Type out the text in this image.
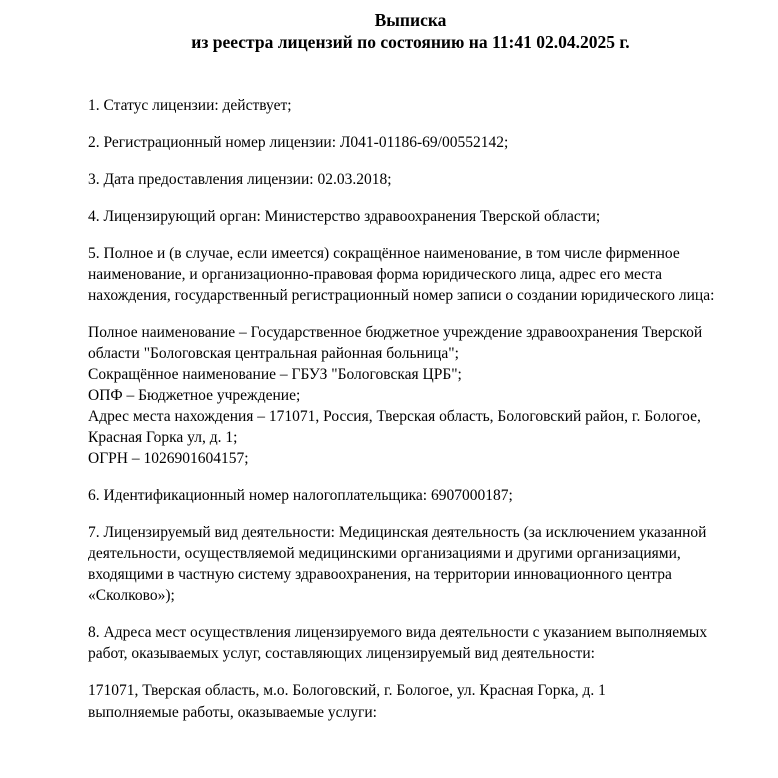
Выписка
из реестра лицензий по состоянию на 11:41 02.04.2025 г.

1. Статус лицензии: действует;

2. Регистрационный номер лицензии: Л041-01186-69/00552142;

3. Дата предоставления лицензии: 02.03.2018;

4. Лицензирующий орган: Министерство здравоохранения Тверской области;

5. Полное и (в случае, если имеется) сокращённое наименование, в том числе фирменное наименование, и организационно-правовая форма юридического лица, адрес его места нахождения, государственный регистрационный номер записи о создании юридического лица:

Полное наименование – Государственное бюджетное учреждение здравоохранения Тверской области "Бологовская центральная районная больница";
Сокращённое наименование – ГБУЗ "Бологовская ЦРБ";
ОПФ – Бюджетное учреждение;
Адрес места нахождения – 171071, Россия, Тверская область, Бологовский район, г. Бологое, Красная Горка ул, д. 1;
ОГРН – 1026901604157;

6. Идентификационный номер налогоплательщика: 6907000187;

7. Лицензируемый вид деятельности: Медицинская деятельность (за исключением указанной деятельности, осуществляемой медицинскими организациями и другими организациями, входящими в частную систему здравоохранения, на территории инновационного центра «Сколково»);

8. Адреса мест осуществления лицензируемого вида деятельности с указанием выполняемых работ, оказываемых услуг, составляющих лицензируемый вид деятельности:

171071, Тверская область, м.о. Бологовский, г. Бологое, ул. Красная Горка, д. 1
выполняемые работы, оказываемые услуги:
